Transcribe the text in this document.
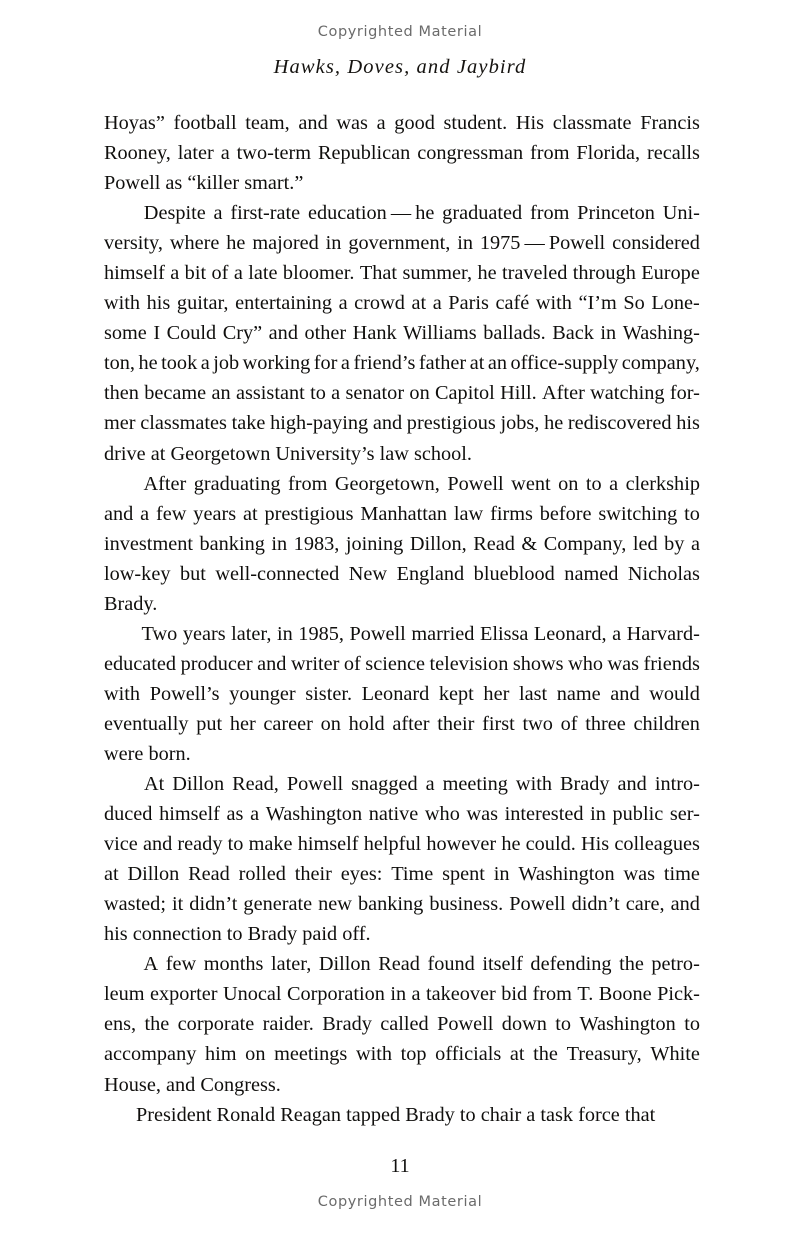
Copyrighted Material
Hawks, Doves, and Jaybird

Hoyas” football team, and was a good student. His classmate Francis
Rooney, later a two-term Republican congressman from Florida, recalls
Powell as “killer smart.”

Despite a first-rate education — he graduated from Princeton Uni-
versity, where he majored in government, in 1975 — Powell considered
himself a bit of a late bloomer. That summer, he traveled through Europe
with his guitar, entertaining a crowd at a Paris café with “I’m So Lone-
some I Could Cry” and other Hank Williams ballads. Back in Washing-
ton, he took a job working for a friend’s father at an office-supply company,
then became an assistant to a senator on Capitol Hill. After watching for-
mer classmates take high-paying and prestigious jobs, he rediscovered his
drive at Georgetown University’s law school.

After graduating from Georgetown, Powell went on to a clerkship
and a few years at prestigious Manhattan law firms before switching to
investment banking in 1983, joining Dillon, Read & Company, led by a
low-key but well-connected New England blueblood named Nicholas
Brady.

Two years later, in 1985, Powell married Elissa Leonard, a Harvard-
educated producer and writer of science television shows who was friends
with Powell’s younger sister. Leonard kept her last name and would
eventually put her career on hold after their first two of three children
were born.

At Dillon Read, Powell snagged a meeting with Brady and intro-
duced himself as a Washington native who was interested in public ser-
vice and ready to make himself helpful however he could. His colleagues
at Dillon Read rolled their eyes: Time spent in Washington was time
wasted; it didn’t generate new banking business. Powell didn’t care, and
his connection to Brady paid off.

A few months later, Dillon Read found itself defending the petro-
leum exporter Unocal Corporation in a takeover bid from T. Boone Pick-
ens, the corporate raider. Brady called Powell down to Washington to
accompany him on meetings with top officials at the Treasury, White
House, and Congress.

President Ronald Reagan tapped Brady to chair a task force that

11
Copyrighted Material
